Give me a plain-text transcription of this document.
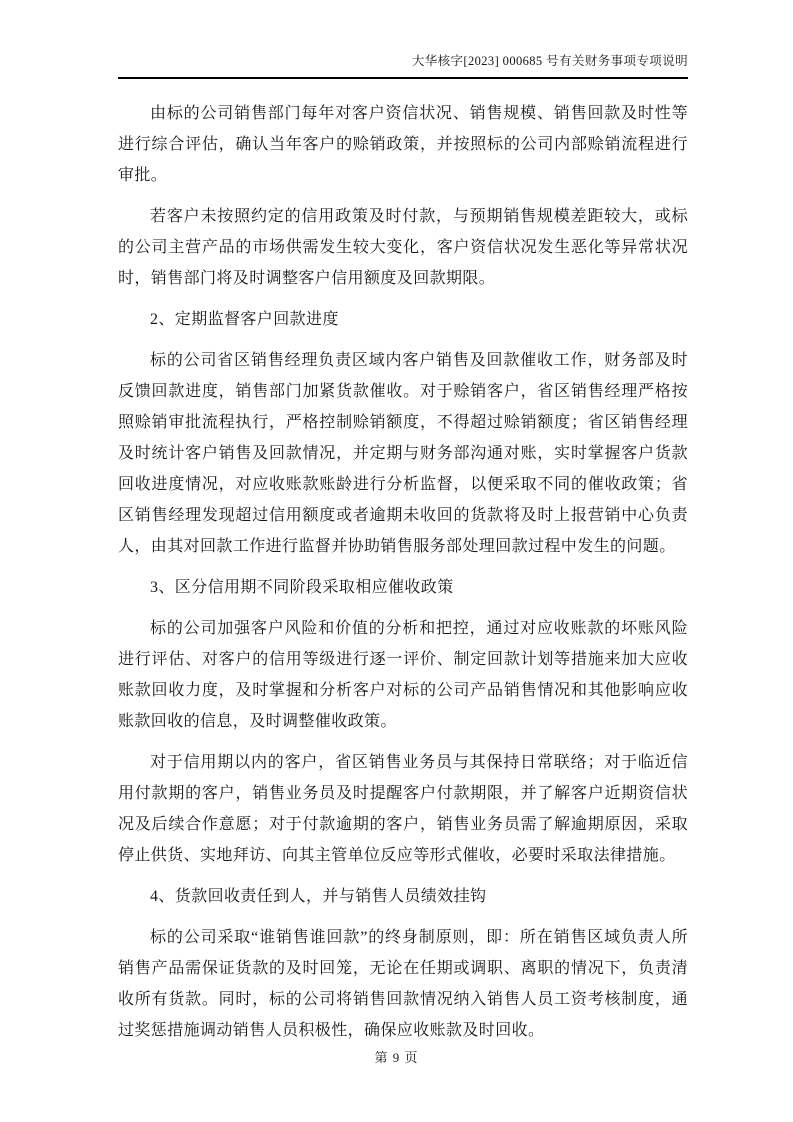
大华核字[2023] 000685 号有关财务事项专项说明

由标的公司销售部门每年对客户资信状况、销售规模、销售回款及时性等进行综合评估，确认当年客户的赊销政策，并按照标的公司内部赊销流程进行审批。

若客户未按照约定的信用政策及时付款，与预期销售规模差距较大，或标的公司主营产品的市场供需发生较大变化，客户资信状况发生恶化等异常状况时，销售部门将及时调整客户信用额度及回款期限。

2、定期监督客户回款进度

标的公司省区销售经理负责区域内客户销售及回款催收工作，财务部及时反馈回款进度，销售部门加紧货款催收。对于赊销客户，省区销售经理严格按照赊销审批流程执行，严格控制赊销额度，不得超过赊销额度；省区销售经理及时统计客户销售及回款情况，并定期与财务部沟通对账，实时掌握客户货款回收进度情况，对应收账款账龄进行分析监督，以便采取不同的催收政策；省区销售经理发现超过信用额度或者逾期未收回的货款将及时上报营销中心负责人，由其对回款工作进行监督并协助销售服务部处理回款过程中发生的问题。

3、区分信用期不同阶段采取相应催收政策

标的公司加强客户风险和价值的分析和把控，通过对应收账款的坏账风险进行评估、对客户的信用等级进行逐一评价、制定回款计划等措施来加大应收账款回收力度，及时掌握和分析客户对标的公司产品销售情况和其他影响应收账款回收的信息，及时调整催收政策。

对于信用期以内的客户，省区销售业务员与其保持日常联络；对于临近信用付款期的客户，销售业务员及时提醒客户付款期限，并了解客户近期资信状况及后续合作意愿；对于付款逾期的客户，销售业务员需了解逾期原因，采取停止供货、实地拜访、向其主管单位反应等形式催收，必要时采取法律措施。

4、货款回收责任到人，并与销售人员绩效挂钩

标的公司采取“谁销售谁回款”的终身制原则，即：所在销售区域负责人所销售产品需保证货款的及时回笼，无论在任期或调职、离职的情况下，负责清收所有货款。同时，标的公司将销售回款情况纳入销售人员工资考核制度，通过奖惩措施调动销售人员积极性，确保应收账款及时回收。

第 9 页
